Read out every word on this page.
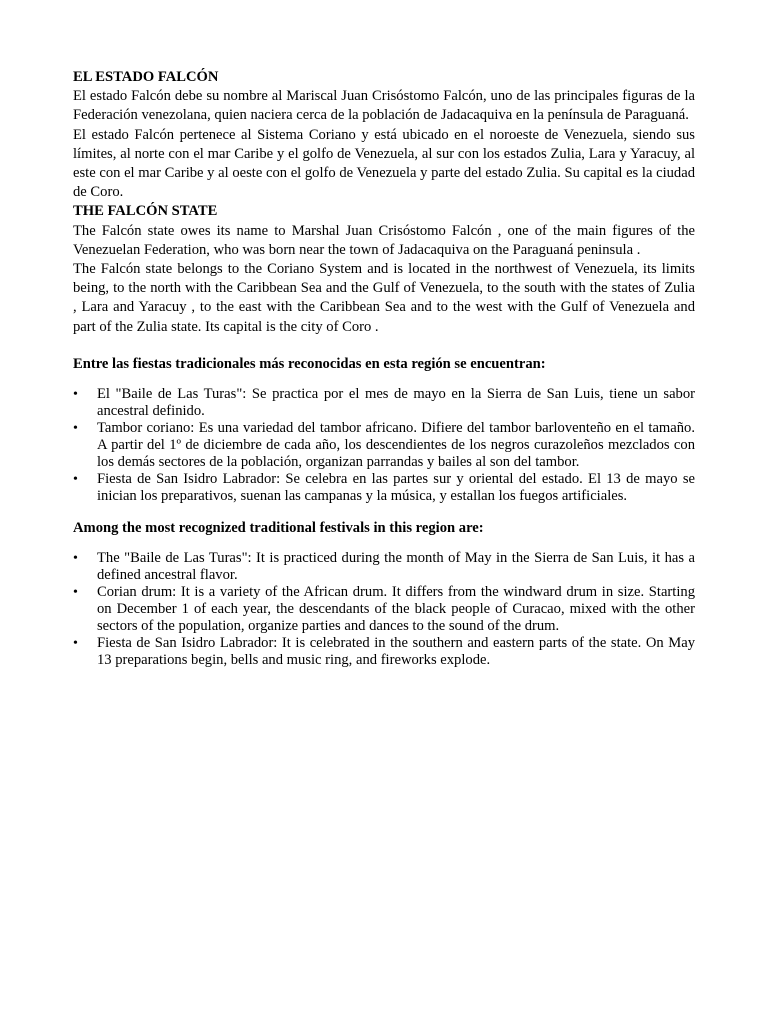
EL ESTADO FALCÓN

El estado Falcón debe su nombre al Mariscal Juan Crisóstomo Falcón, uno de las principales figuras de la Federación venezolana, quien naciera cerca de la población de Jadacaquiva en la península de Paraguaná.

El estado Falcón pertenece al Sistema Coriano y está ubicado en el noroeste de Venezuela, siendo sus límites, al norte con el mar Caribe y el golfo de Venezuela, al sur con los estados Zulia, Lara y Yaracuy, al este con el mar Caribe y al oeste con el golfo de Venezuela y parte del estado Zulia. Su capital es la ciudad de Coro.

THE FALCÓN STATE

The Falcón state owes its name to Marshal Juan Crisóstomo Falcón , one of the main figures of the Venezuelan Federation, who was born near the town of Jadacaquiva on the Paraguaná peninsula .

The Falcón state belongs to the Coriano System and is located in the northwest of Venezuela, its limits being, to the north with the Caribbean Sea and the Gulf of Venezuela, to the south with the states of Zulia , Lara and Yaracuy , to the east with the Caribbean Sea and to the west with the Gulf of Venezuela and part of the Zulia state. Its capital is the city of Coro .

Entre las fiestas tradicionales más reconocidas en esta región se encuentran:
•	El "Baile de Las Turas": Se practica por el mes de mayo en la Sierra de San Luis, tiene un sabor ancestral definido.
•	Tambor coriano: Es una variedad del tambor africano. Difiere del tambor barloventeño en el tamaño. A partir del 1º de diciembre de cada año, los descendientes de los negros curazoleños mezclados con los demás sectores de la población, organizan parrandas y bailes al son del tambor.
•	Fiesta de San Isidro Labrador: Se celebra en las partes sur y oriental del estado. El 13 de mayo se inician los preparativos, suenan las campanas y la música, y estallan los fuegos artificiales.
Among the most recognized traditional festivals in this region are:
•	The "Baile de Las Turas": It is practiced during the month of May in the Sierra de San Luis, it has a defined ancestral flavor.
•	Corian drum: It is a variety of the African drum. It differs from the windward drum in size. Starting on December 1 of each year, the descendants of the black people of Curacao, mixed with the other sectors of the population, organize parties and dances to the sound of the drum.
•	Fiesta de San Isidro Labrador: It is celebrated in the southern and eastern parts of the state. On May 13 preparations begin, bells and music ring, and fireworks explode.
